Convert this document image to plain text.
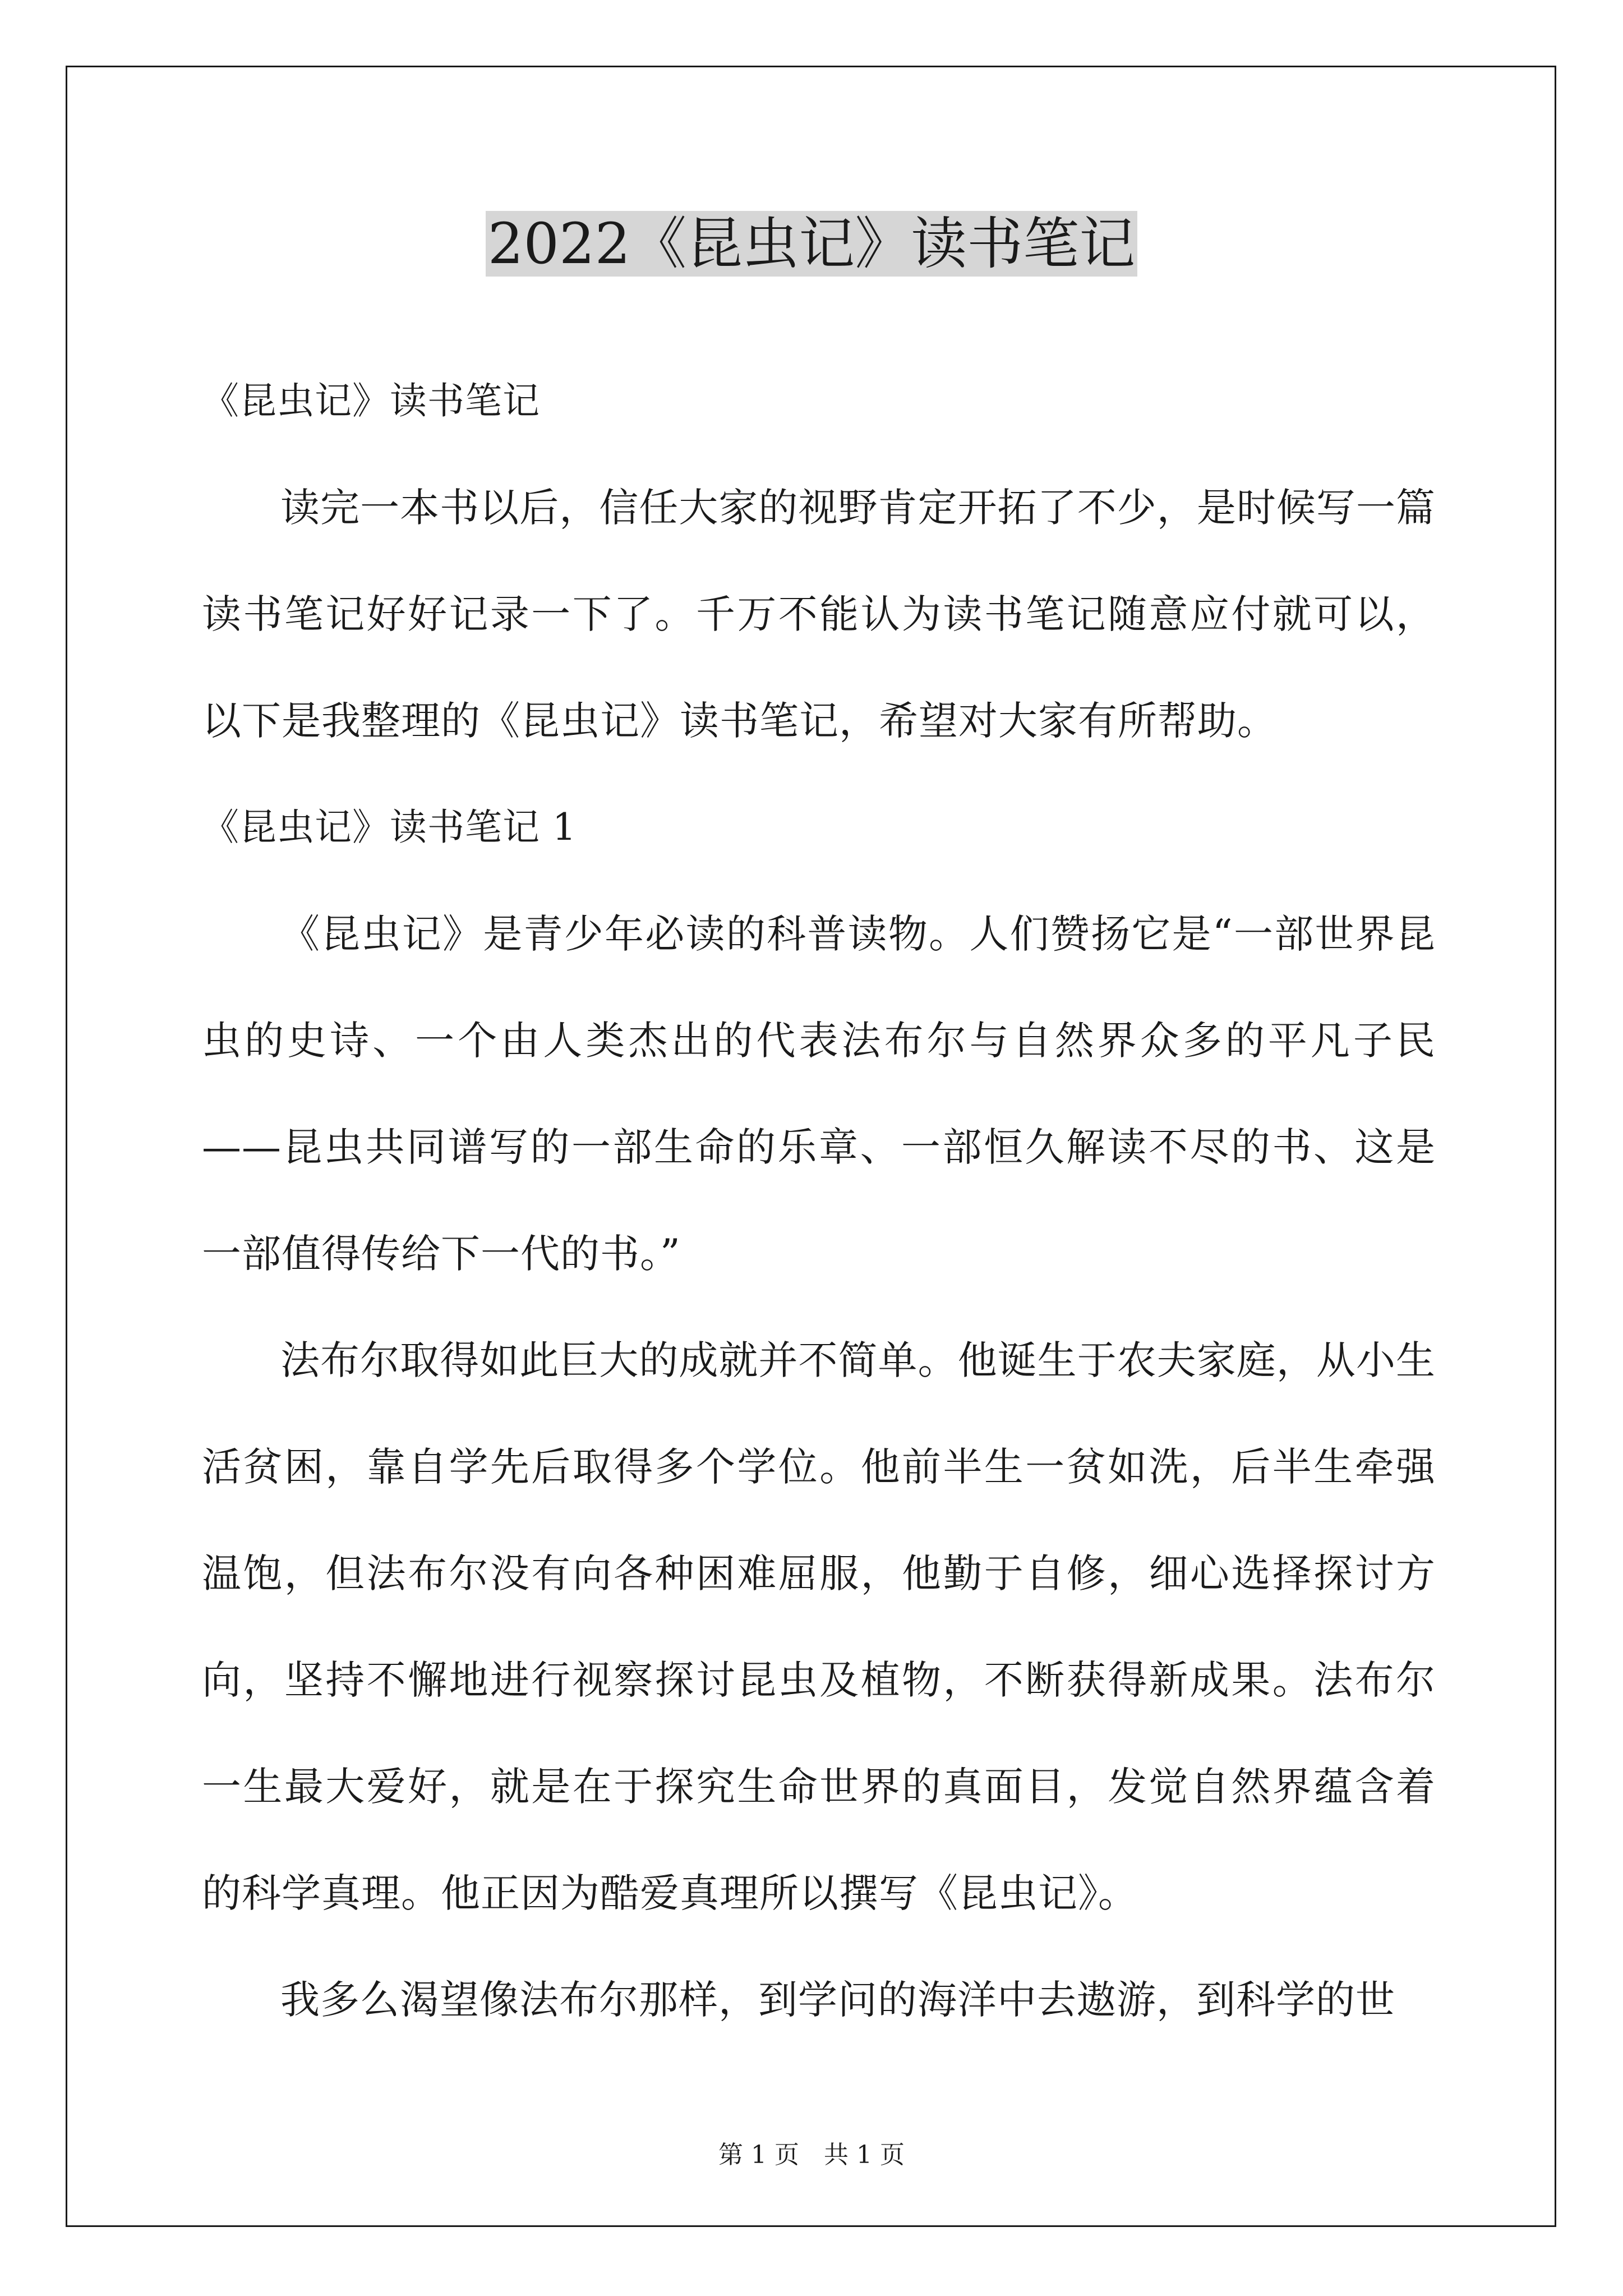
2022《昆虫记》读书笔记

《昆虫记》读书笔记

读完一本书以后，信任大家的视野肯定开拓了不少，是时候写一篇读书笔记好好记录一下了。千万不能认为读书笔记随意应付就可以，以下是我整理的《昆虫记》读书笔记，希望对大家有所帮助。

《昆虫记》读书笔记 1

《昆虫记》是青少年必读的科普读物。人们赞扬它是“一部世界昆虫的史诗、一个由人类杰出的代表法布尔与自然界众多的平凡子民——昆虫共同谱写的一部生命的乐章、一部恒久解读不尽的书、这是一部值得传给下一代的书。”

法布尔取得如此巨大的成就并不简单。他诞生于农夫家庭，从小生活贫困，靠自学先后取得多个学位。他前半生一贫如洗，后半生牵强温饱，但法布尔没有向各种困难屈服，他勤于自修，细心选择探讨方向，坚持不懈地进行视察探讨昆虫及植物，不断获得新成果。法布尔一生最大爱好，就是在于探究生命世界的真面目，发觉自然界蕴含着的科学真理。他正因为酷爱真理所以撰写《昆虫记》。

我多么渴望像法布尔那样，到学问的海洋中去遨游，到科学的世

第 1 页　共 1 页
